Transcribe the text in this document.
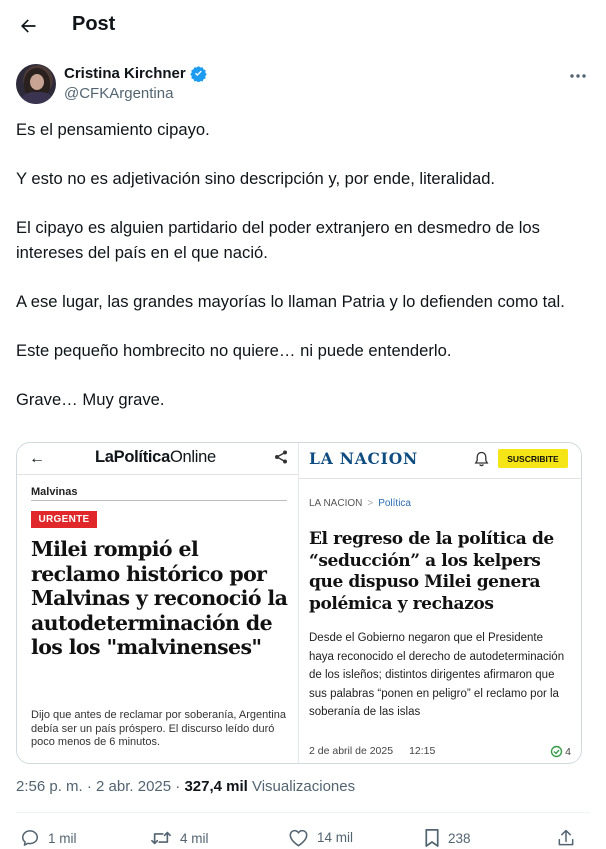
Post
Cristina Kirchner
@CFKArgentina

Es el pensamiento cipayo.

Y esto no es adjetivación sino descripción y, por ende, literalidad.

El cipayo es alguien partidario del poder extranjero en desmedro de los intereses del país en el que nació.

A ese lugar, las grandes mayorías lo llaman Patria y lo defienden como tal.

Este pequeño hombrecito no quiere… ni puede entenderlo.

Grave… Muy grave.

←	LaPolíticaOnline
Malvinas
URGENTE
Milei rompió el reclamo histórico por Malvinas y reconoció la autodeterminación de los los "malvinenses"
Dijo que antes de reclamar por soberanía, Argentina debía ser un país próspero. El discurso leído duró poco menos de 6 minutos.
LA NACION	SUSCRIBITE
LA NACION > Política
El regreso de la política de “seducción” a los kelpers que dispuso Milei genera polémica y rechazos
Desde el Gobierno negaron que el Presidente haya reconocido el derecho de autodeterminación de los isleños; distintos dirigentes afirmaron que sus palabras “ponen en peligro” el reclamo por la soberanía de las islas
2 de abril de 2025 12:15	4
2:56 p. m. · 2 abr. 2025 · 327,4 mil Visualizaciones
1 mil	4 mil	14 mil	238
